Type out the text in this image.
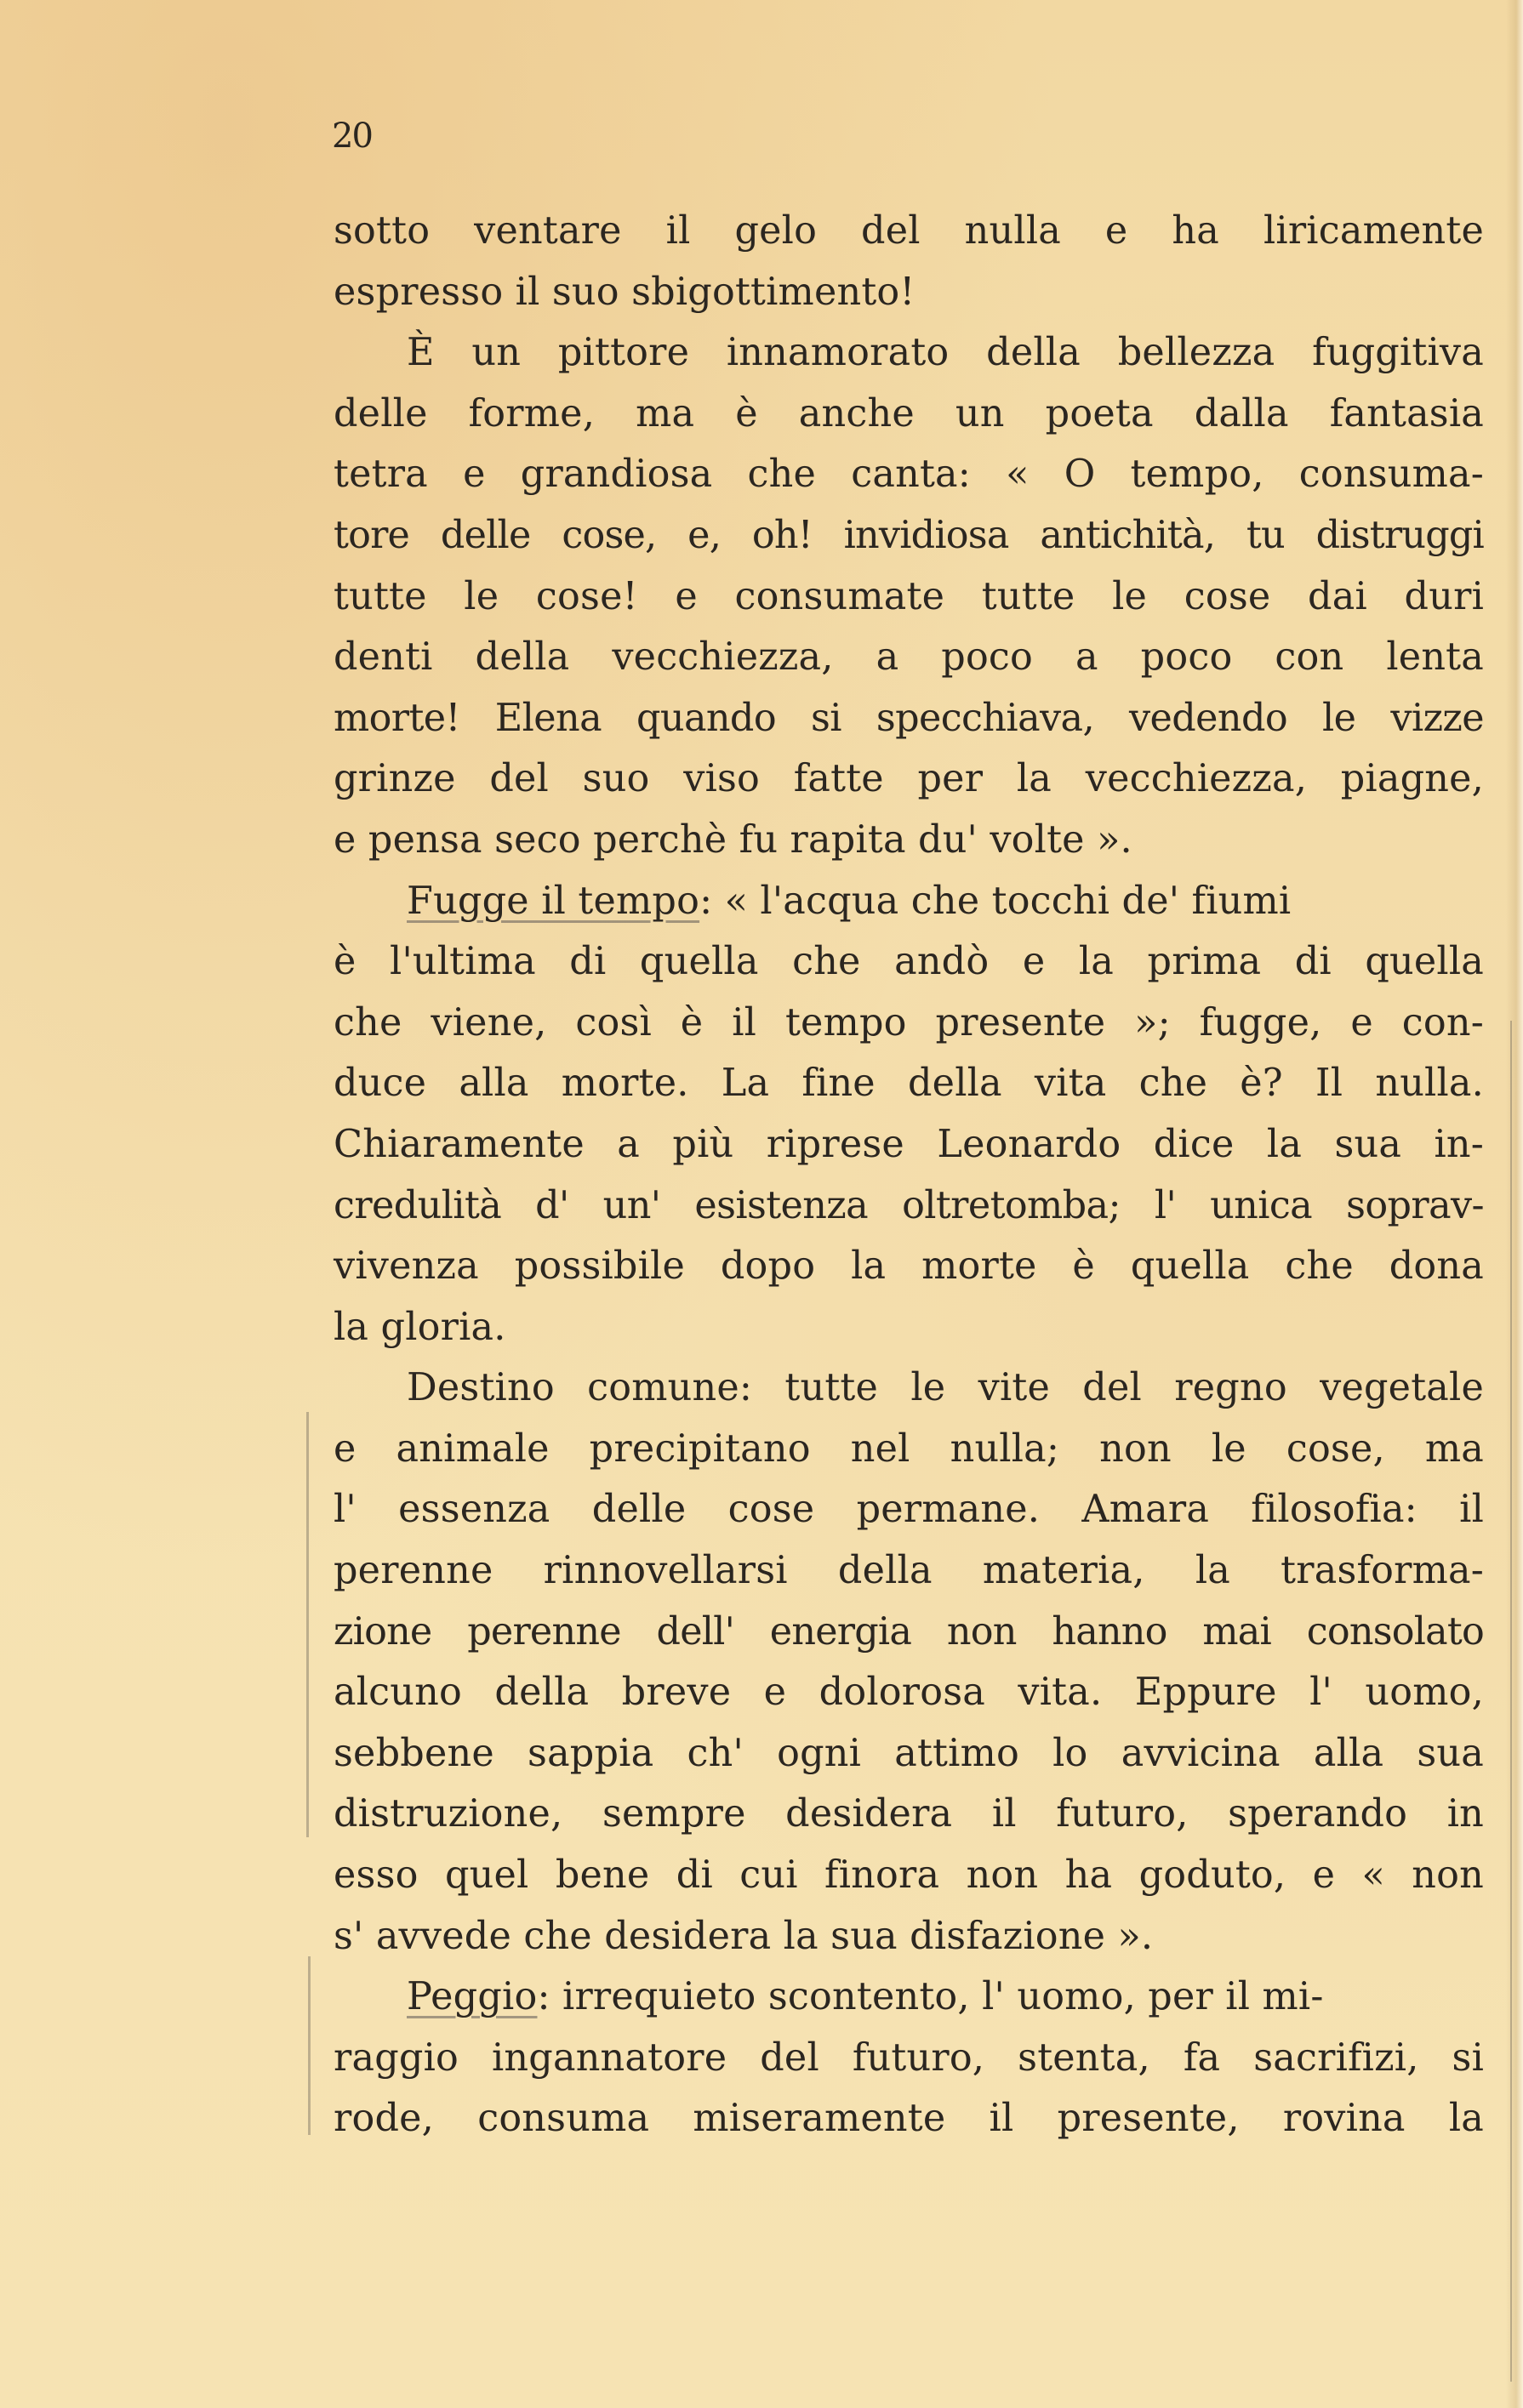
20
sotto ventare il gelo del nulla e ha liricamente
espresso il suo sbigottimento!
È un pittore innamorato della bellezza fuggitiva
delle forme, ma è anche un poeta dalla fantasia
tetra e grandiosa che canta: « O tempo, consuma-
tore delle cose, e, oh! invidiosa antichità, tu distruggi
tutte le cose! e consumate tutte le cose dai duri
denti della vecchiezza, a poco a poco con lenta
morte! Elena quando si specchiava, vedendo le vizze
grinze del suo viso fatte per la vecchiezza, piagne,
e pensa seco perchè fu rapita du' volte ».
Fugge il tempo : « l'acqua che tocchi de' fiumi
è l'ultima di quella che andò e la prima di quella
che viene, così è il tempo presente »; fugge, e con-
duce alla morte. La fine della vita che è? Il nulla.
Chiaramente a più riprese Leonardo dice la sua in-
credulità d' un' esistenza oltretomba; l' unica soprav-
vivenza possibile dopo la morte è quella che dona
la gloria.
Destino comune: tutte le vite del regno vegetale
e animale precipitano nel nulla; non le cose, ma
l' essenza delle cose permane. Amara filosofia: il
perenne rinnovellarsi della materia, la trasforma-
zione perenne dell' energia non hanno mai consolato
alcuno della breve e dolorosa vita. Eppure l' uomo,
sebbene sappia ch' ogni attimo lo avvicina alla sua
distruzione, sempre desidera il futuro, sperando in
esso quel bene di cui finora non ha goduto, e « non
s' avvede che desidera la sua disfazione ».
Peggio : irrequieto scontento, l' uomo, per il mi-
raggio ingannatore del futuro, stenta, fa sacrifizi, si
rode, consuma miseramente il presente, rovina la
